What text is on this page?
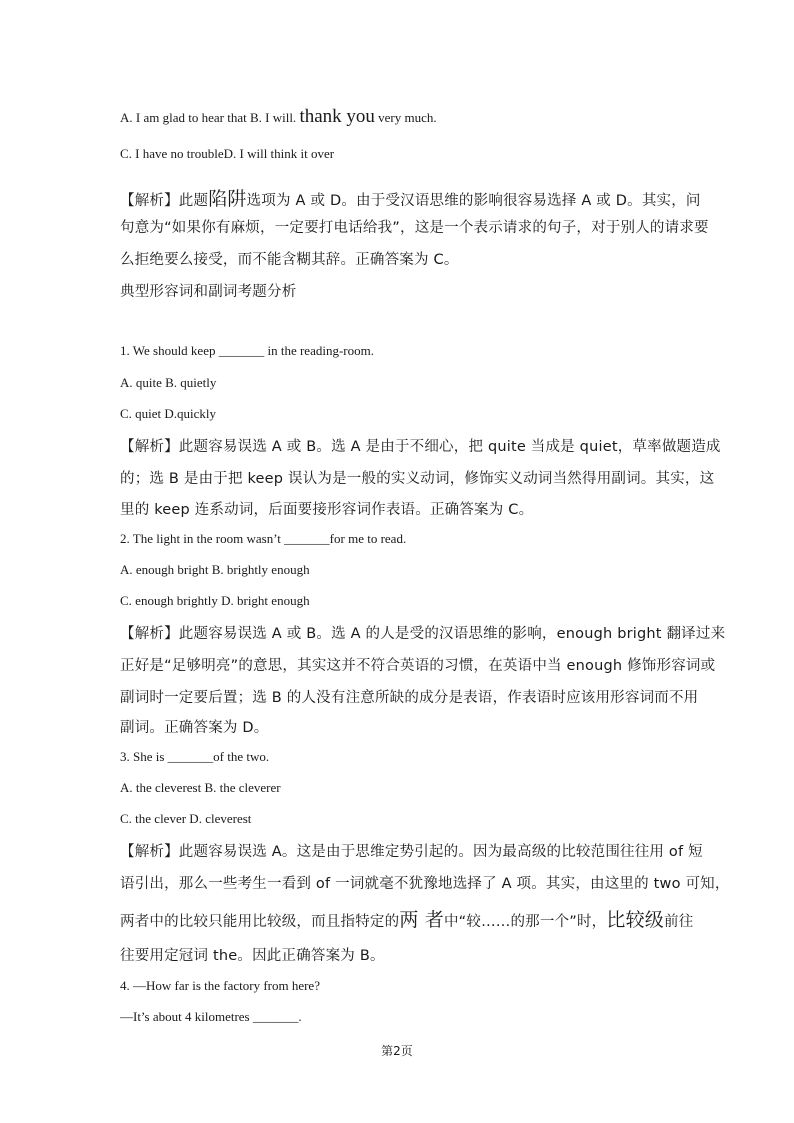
A. I am glad to hear that B. I will. thank you very much.
C. I have no troubleD. I will think it over
【解析】此题陷阱选项为 A 或 D。由于受汉语思维的影响很容易选择 A 或 D。其实，问
句意为“如果你有麻烦，一定要打电话给我”，这是一个表示请求的句子，对于别人的请求要
么拒绝要么接受，而不能含糊其辞。正确答案为 C。
典型形容词和副词考题分析
1. We should keep _______ in the reading-room.
A. quite B. quietly
C. quiet D.quickly
【解析】此题容易误选 A 或 B。选 A 是由于不细心，把 quite 当成是 quiet，草率做题造成
的；选 B 是由于把 keep 误认为是一般的实义动词，修饰实义动词当然得用副词。其实，这
里的 keep 连系动词，后面要接形容词作表语。正确答案为 C。
2. The light in the room wasn’t _______for me to read.
A. enough bright B. brightly enough
C. enough brightly D. bright enough
【解析】此题容易误选 A 或 B。选 A 的人是受的汉语思维的影响，enough bright 翻译过来
正好是“足够明亮”的意思，其实这并不符合英语的习惯，在英语中当 enough 修饰形容词或
副词时一定要后置；选 B 的人没有注意所缺的成分是表语，作表语时应该用形容词而不用
副词。正确答案为 D。
3. She is _______of the two.
A. the cleverest B. the cleverer
C. the clever D. cleverest
【解析】此题容易误选 A。这是由于思维定势引起的。因为最高级的比较范围往往用 of 短
语引出，那么一些考生一看到 of 一词就毫不犹豫地选择了 A 项。其实，由这里的 two 可知，
两者中的比较只能用比较级，而且指特定的两 者中“较……的那一个”时，比较级前往
往要用定冠词 the。因此正确答案为 B。
4. —How far is the factory from here?
—It’s about 4 kilometres _______.
第2页
